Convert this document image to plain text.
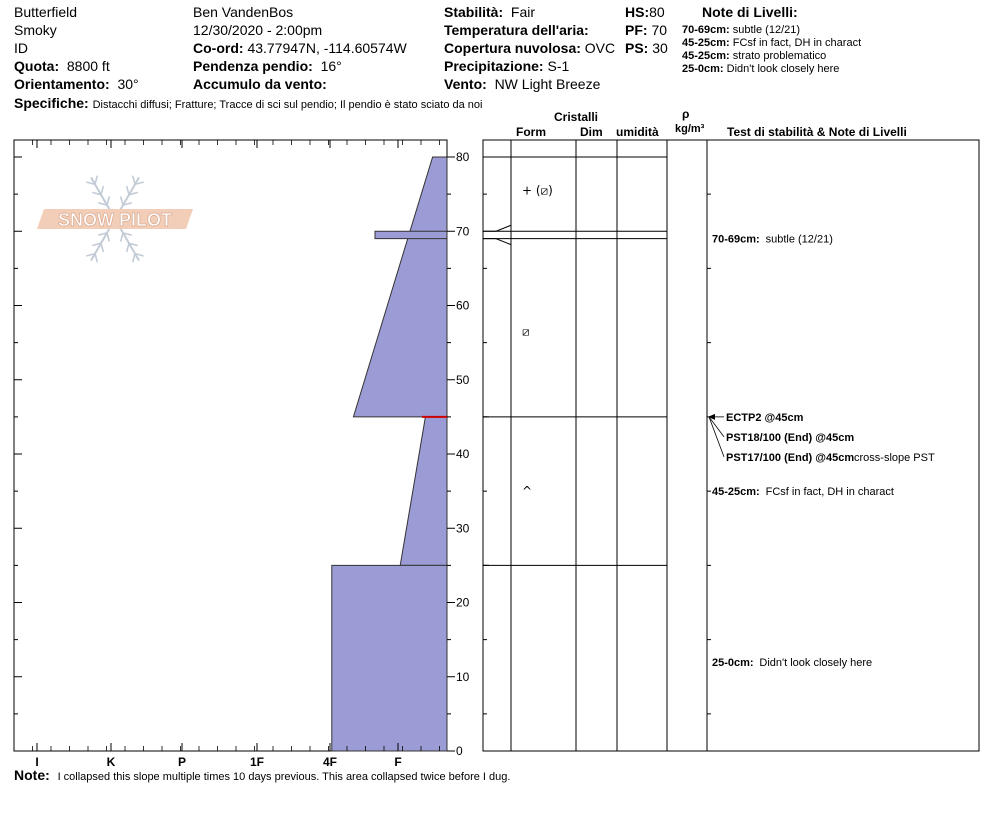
Butterfield
Smoky
ID
Quota: 8800 ft
Orientamento: 30°
Ben VandenBos
12/30/2020 - 2:00pm
Co-ord: 43.77947N, -114.60574W
Pendenza pendio: 16°
Accumulo da vento:
Stabilità: Fair
Temperatura dell'aria:
Copertura nuvolosa: OVC
Precipitazione: S-1
Vento: NW Light Breeze
HS:80
PF: 70
PS: 30
Note di Livelli:
70-69cm: subtle (12/21)
45-25cm: FCsf in fact, DH in charact
45-25cm: strato problematico
25-0cm: Didn't look closely here
Specifiche: Distacchi diffusi; Fratture; Tracce di sci sul pendio; Il pendio è stato sciato da noi
Cristalli
Form	Dim umidità
ρ
kg/m³ Test di stabilità & Note di Livelli
SNOW PILOT
I	K	P	1F	4F	F
0
10
20
30
40
50
60
70
80
+ (⧄)
⧄
^
ECTP2 @45cm
PST18/100 (End) @45cm
PST17/100 (End) @45cm cross-slope PST
70-69cm: subtle (12/21)
45-25cm: FCsf in fact, DH in charact
25-0cm: Didn't look closely here
Note: I collapsed this slope multiple times 10 days previous. This area collapsed twice before I dug.
